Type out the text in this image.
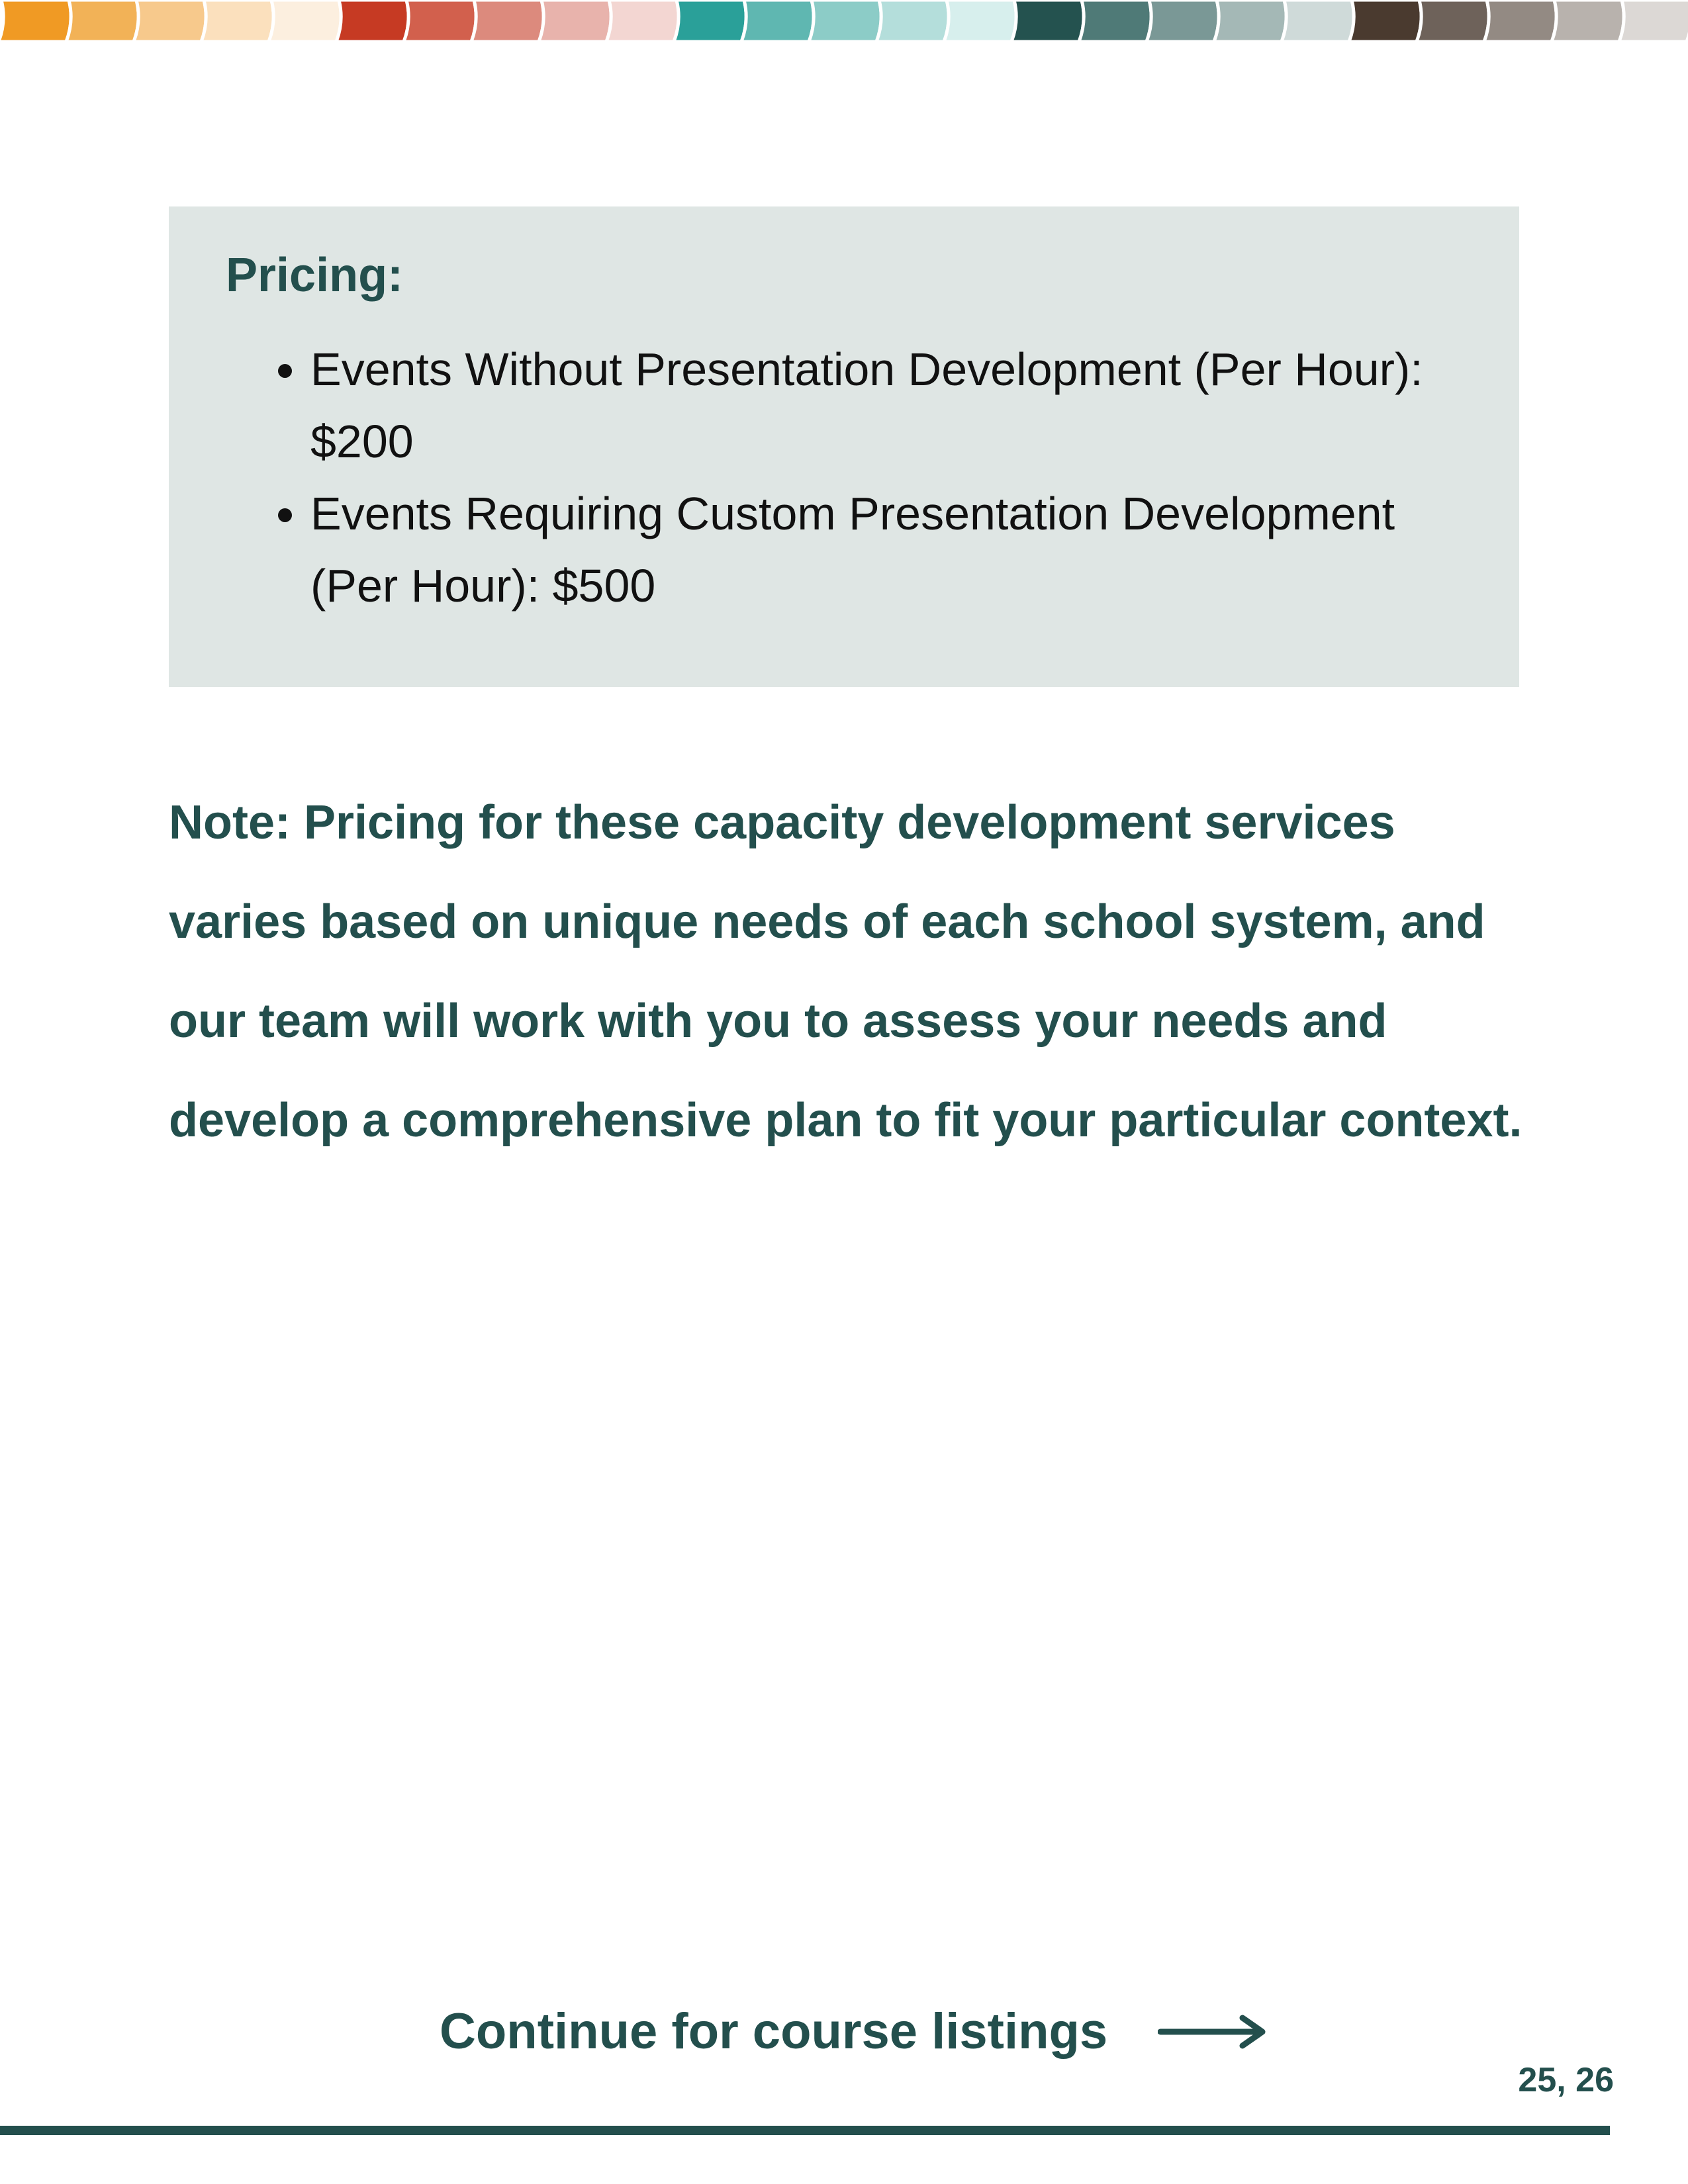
Pricing:
• Events Without Presentation Development (Per Hour): $200
• Events Requiring Custom Presentation Development (Per Hour): $500

Note: Pricing for these capacity development services varies based on unique needs of each school system, and our team will work with you to assess your needs and develop a comprehensive plan to fit your particular context.

Continue for course listings
25, 26
